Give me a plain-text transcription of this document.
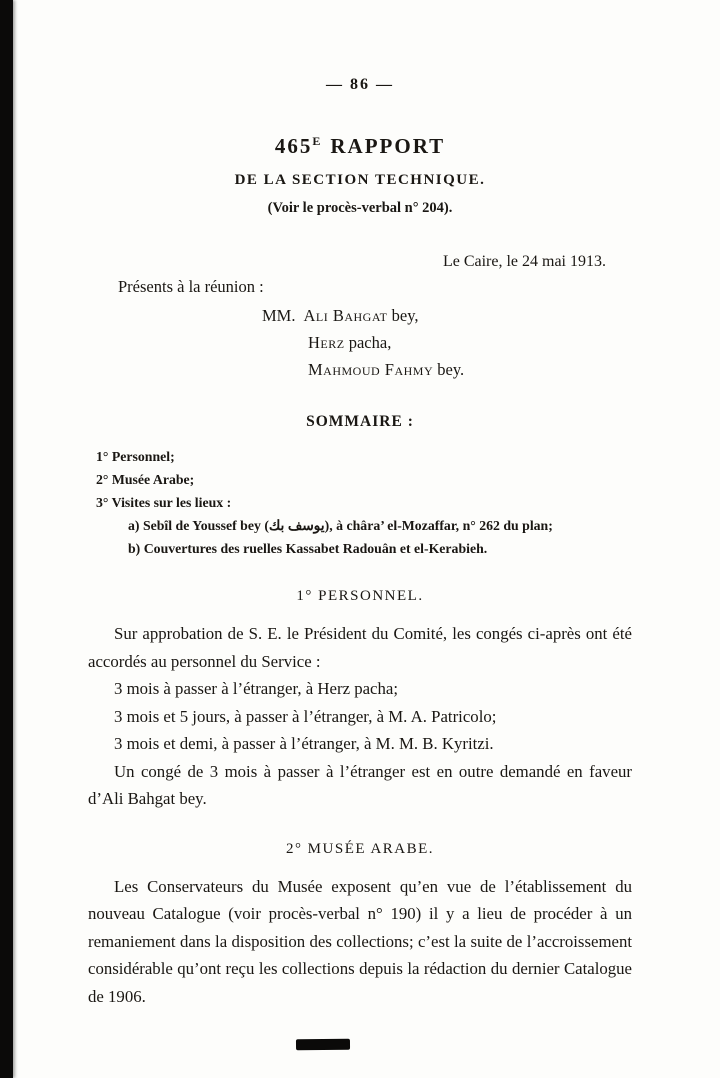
— 86 —
$465^E$ RAPPORT
DE LA SECTION TECHNIQUE.
(Voir le procès-verbal n° 204).
Le Caire, le 24 mai 1913.
Présents à la réunion :
MM. Ali Bahgat bey,
Herz pacha,
Mahmoud Fahmy bey.
SOMMAIRE :
1° Personnel;
2° Musée Arabe;
3° Visites sur les lieux :
a) Sebîl de Youssef bey (يوسف بك), à châra’ el-Mozaffar, n° 262 du plan;
b) Couvertures des ruelles Kassabet Radouân et el-Kerabieh.
1° PERSONNEL.
Sur approbation de S. E. le Président du Comité, les congés ci-après ont été accordés au personnel du Service :
3 mois à passer à l’étranger, à Herz pacha;
3 mois et 5 jours, à passer à l’étranger, à M. A. Patricolo;
3 mois et demi, à passer à l’étranger, à M. M. B. Kyritzi.
Un congé de 3 mois à passer à l’étranger est en outre demandé en faveur d’Ali Bahgat bey.
2° MUSÉE ARABE.
Les Conservateurs du Musée exposent qu’en vue de l’établissement du nouveau Catalogue (voir procès-verbal n° 190) il y a lieu de procéder à un remaniement dans la disposition des collections; c’est la suite de l’accroissement considérable qu’ont reçu les collections depuis la rédaction du dernier Catalogue de 1906.
